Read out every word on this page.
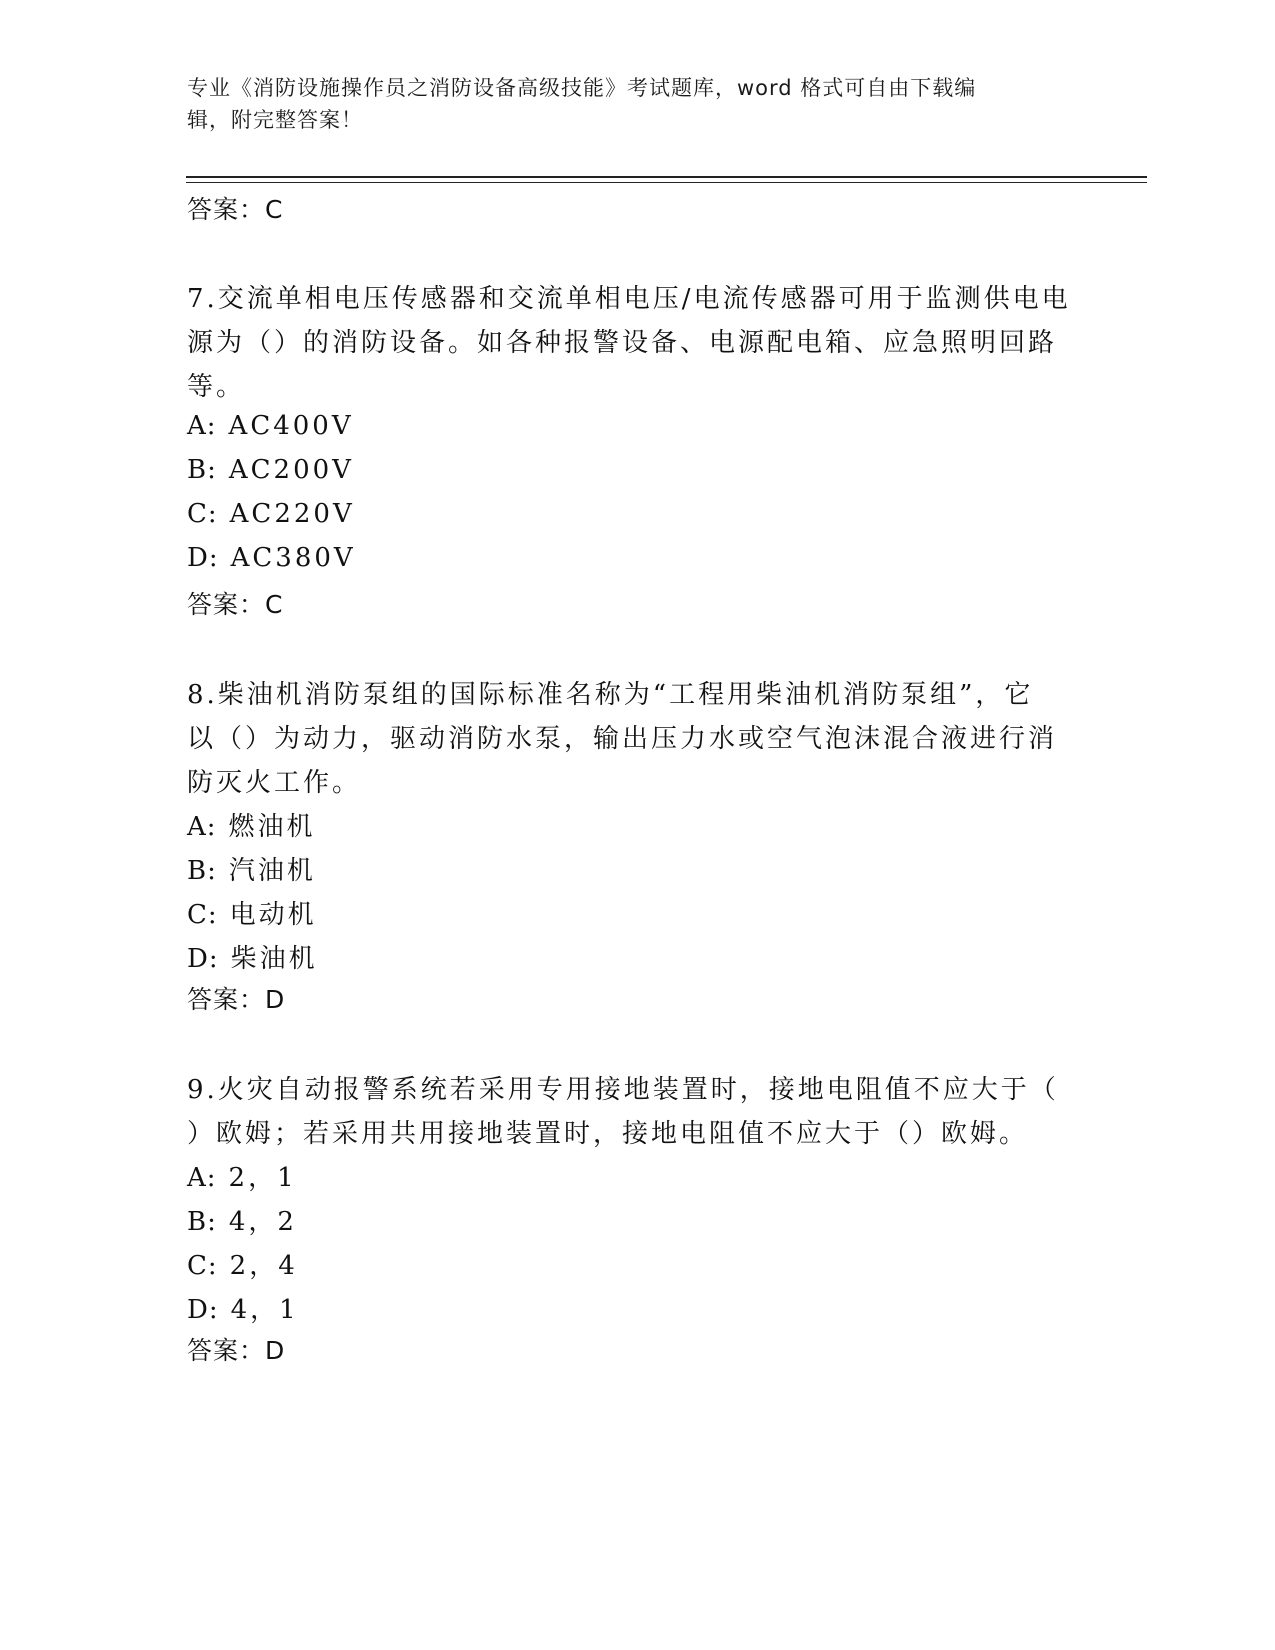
专业《消防设施操作员之消防设备高级技能》考试题库，word 格式可自由下载编
辑，附完整答案！
答案：C
7.交流单相电压传感器和交流单相电压/电流传感器可用于监测供电电
源为（）的消防设备。如各种报警设备、电源配电箱、应急照明回路
等。
A: AC400V
B: AC200V
C: AC220V
D: AC380V
答案：C
8.柴油机消防泵组的国际标准名称为“工程用柴油机消防泵组”，它
以（）为动力，驱动消防水泵，输出压力水或空气泡沫混合液进行消
防灭火工作。
A: 燃油机
B: 汽油机
C: 电动机
D: 柴油机
答案：D
9.火灾自动报警系统若采用专用接地装置时，接地电阻值不应大于（
）欧姆；若采用共用接地装置时，接地电阻值不应大于（）欧姆。
A: 2，1
B: 4，2
C: 2，4
D: 4，1
答案：D
